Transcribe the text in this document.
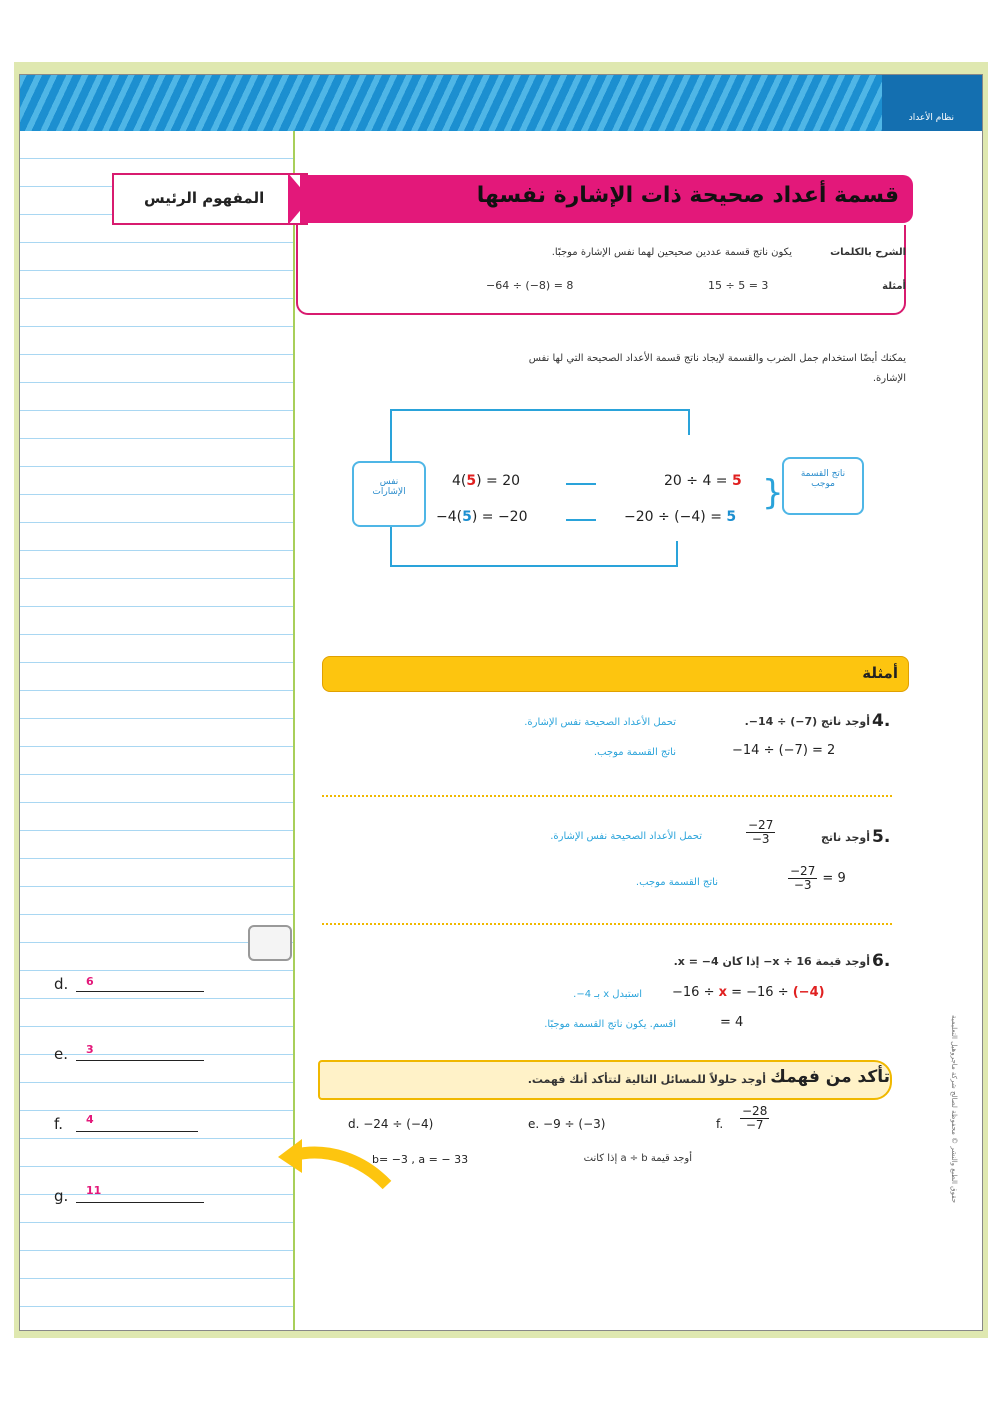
نظام الأعداد
d. 6
e. 3
f. 4
g. 11
المفهوم الرئيس	قسمة أعداد صحيحة ذات الإشارة نفسها
الشرح بالكلمات
يكون ناتج قسمة عددين صحيحين لهما نفس الإشارة موجبًا.
أمثلة
15 ÷ 5 = 3
−64 ÷ (−8) = 8
يمكنك أيضًا استخدام جمل الضرب والقسمة لإيجاد ناتج قسمة الأعداد الصحيحة التي لها نفس
الإشارة.
نفس
الإشارات
ناتج القسمة
موجب
4(5) = 20	20 ÷ 4 = 5
−4(5) = −20	−20 ÷ (−4) = 5
}
أمثلة
4.
أوجد ناتج (7−) ÷ 14−.
تحمل الأعداد الصحيحة نفس الإشارة.
−14 ÷ (−7) = 2
ناتج القسمة موجب.
5.
أوجد ناتج
$\frac{-27}{-3}$
تحمل الأعداد الصحيحة نفس الإشارة.
$\frac{-27}{-3} = 9$
ناتج القسمة موجب.
6.
أوجد قيمة x ÷ 16− إذا كان 4− = x.
−16 ÷ x = −16 ÷ (−4)
استبدل x بـ 4−.
= 4
اقسم. يكون ناتج القسمة موجبًا.
تأكد من فهمك
أوجد حلولاً للمسائل التالية لتتأكد أنك فهمت.
d. −24 ÷ (−4)	e. −9 ÷ (−3)	f. $\frac{-28}{-7}$
g. b= −3 , a = − 33	أوجد قيمة a ÷ b إذا كانت	حقوق الطبع والنشر © محفوظة لصالح شركة ماجروهيل التعليمية
